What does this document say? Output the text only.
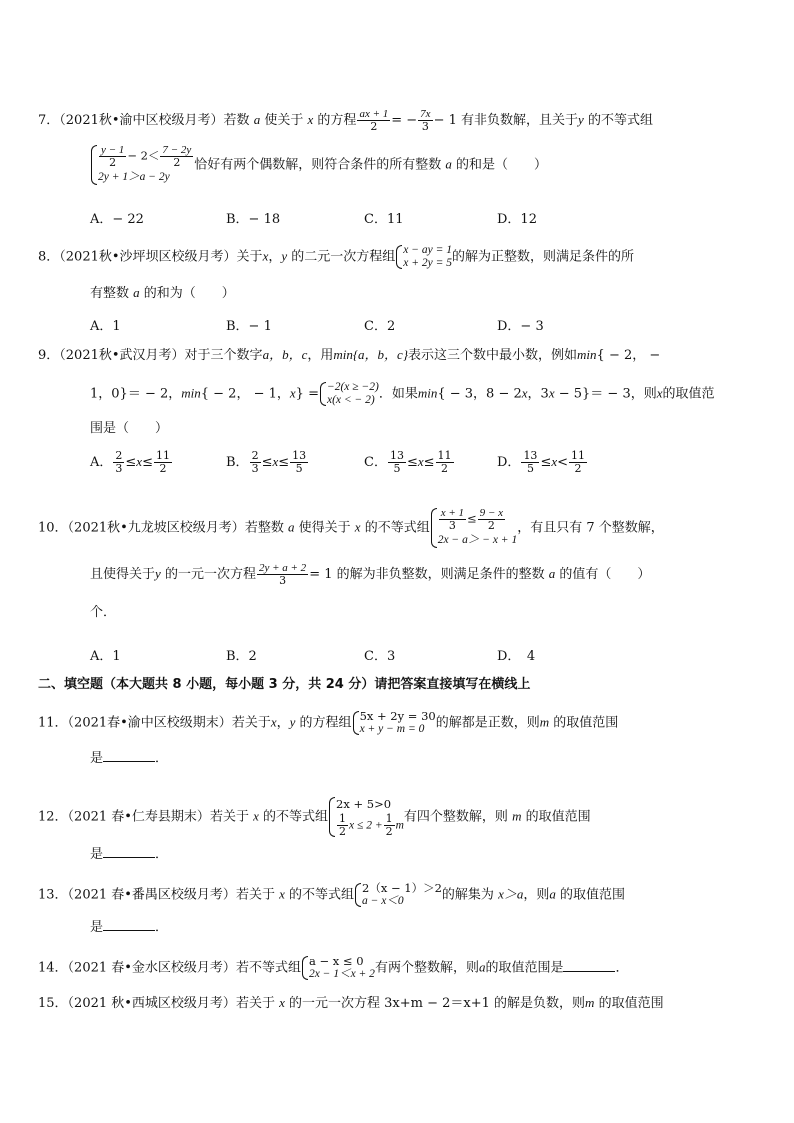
7．（2021秋•渝中区校级月考）若数 a 使关于 x 的方程 $\frac{ax + 1}{2}$ = − $\frac{7x}{3} - 1$ 有非负数解，且关于y 的不等式组
$\frac{y - 1}{2} - 2< \frac{7 - 2y}{2}$
2y + 1＞a − 2y
恰好有两个偶数解，则符合条件的所有整数 a 的和是（　　）
A．− 22	B．− 18	C．11	D．12
8．（2021秋•沙坪坝区校级月考）关于x，y 的二元一次方程组 x − ay = 1
x + 2y = 5 的解为正整数，则满足条件的所
有整数 a 的和为（　　）
A．1	B．− 1	C．2	D．− 3
9．（2021秋•武汉月考）对于三个数字a，b，c，用min{a，b，c}表示这三个数中最小数，例如min{ − 2， −
1，0}＝ − 2，min{ − 2， − 1，x} = −2(x ≥ −2)
x(x < − 2) ．如果min{ − 3，8 − 2x，3x − 5}＝ − 3，则x的取值范
围是（　　）
A． $\frac{2}{3} \le x\le \frac{11}{2}$	B． $\frac{2}{3} \le x\le \frac{13}{5}$	C． $\frac{13}{5} \le x\le \frac{11}{2}$	D． $\frac{13}{5} \le x< \frac{11}{2}$
10．（2021秋•九龙坡区校级月考）若整数 a 使得关于 x 的不等式组 $\frac{x + 1}{3} \le \frac{9 - x}{2}$
2x − a＞ − x + 1
，有且只有 7 个整数解，
且使得关于y 的一元一次方程 $\frac{2y + a + 2}{3} = 1$ 的解为非负整数，则满足条件的整数 a 的值有（　　）
个．
A．1	B．2	C．3	D．　4
二、填空题（本大题共 8 小题，每小题 3 分，共 24 分）请把答案直接填写在横线上
11．（2021春•渝中区校级期末）若关于x，y 的方程组 5x + 2y = 30
x + y − m = 0 的解都是正数，则m 的取值范围
是	．
12．（2021 春•仁寿县期末）若关于 x 的不等式组
2x + 5>0
$\frac{1}{2}$ $x \le 2 + \frac{1}{2}$ m
有四个整数解，则 m 的取值范围
是	．
13．（2021 春•番禺区校级月考）若关于 x 的不等式组 2（x − 1）＞2
a − x＜0	的解集为 x＞a，则a 的取值范围
是	．
14．（2021 春•金水区校级月考）若不等式组 a − x ≤ 0
2x − 1＜x + 2 有两个整数解，则a的取值范围是	．
15．（2021 秋•西城区校级月考）若关于 x 的一元一次方程 3x+m − 2＝x+1 的解是负数，则m 的取值范围
